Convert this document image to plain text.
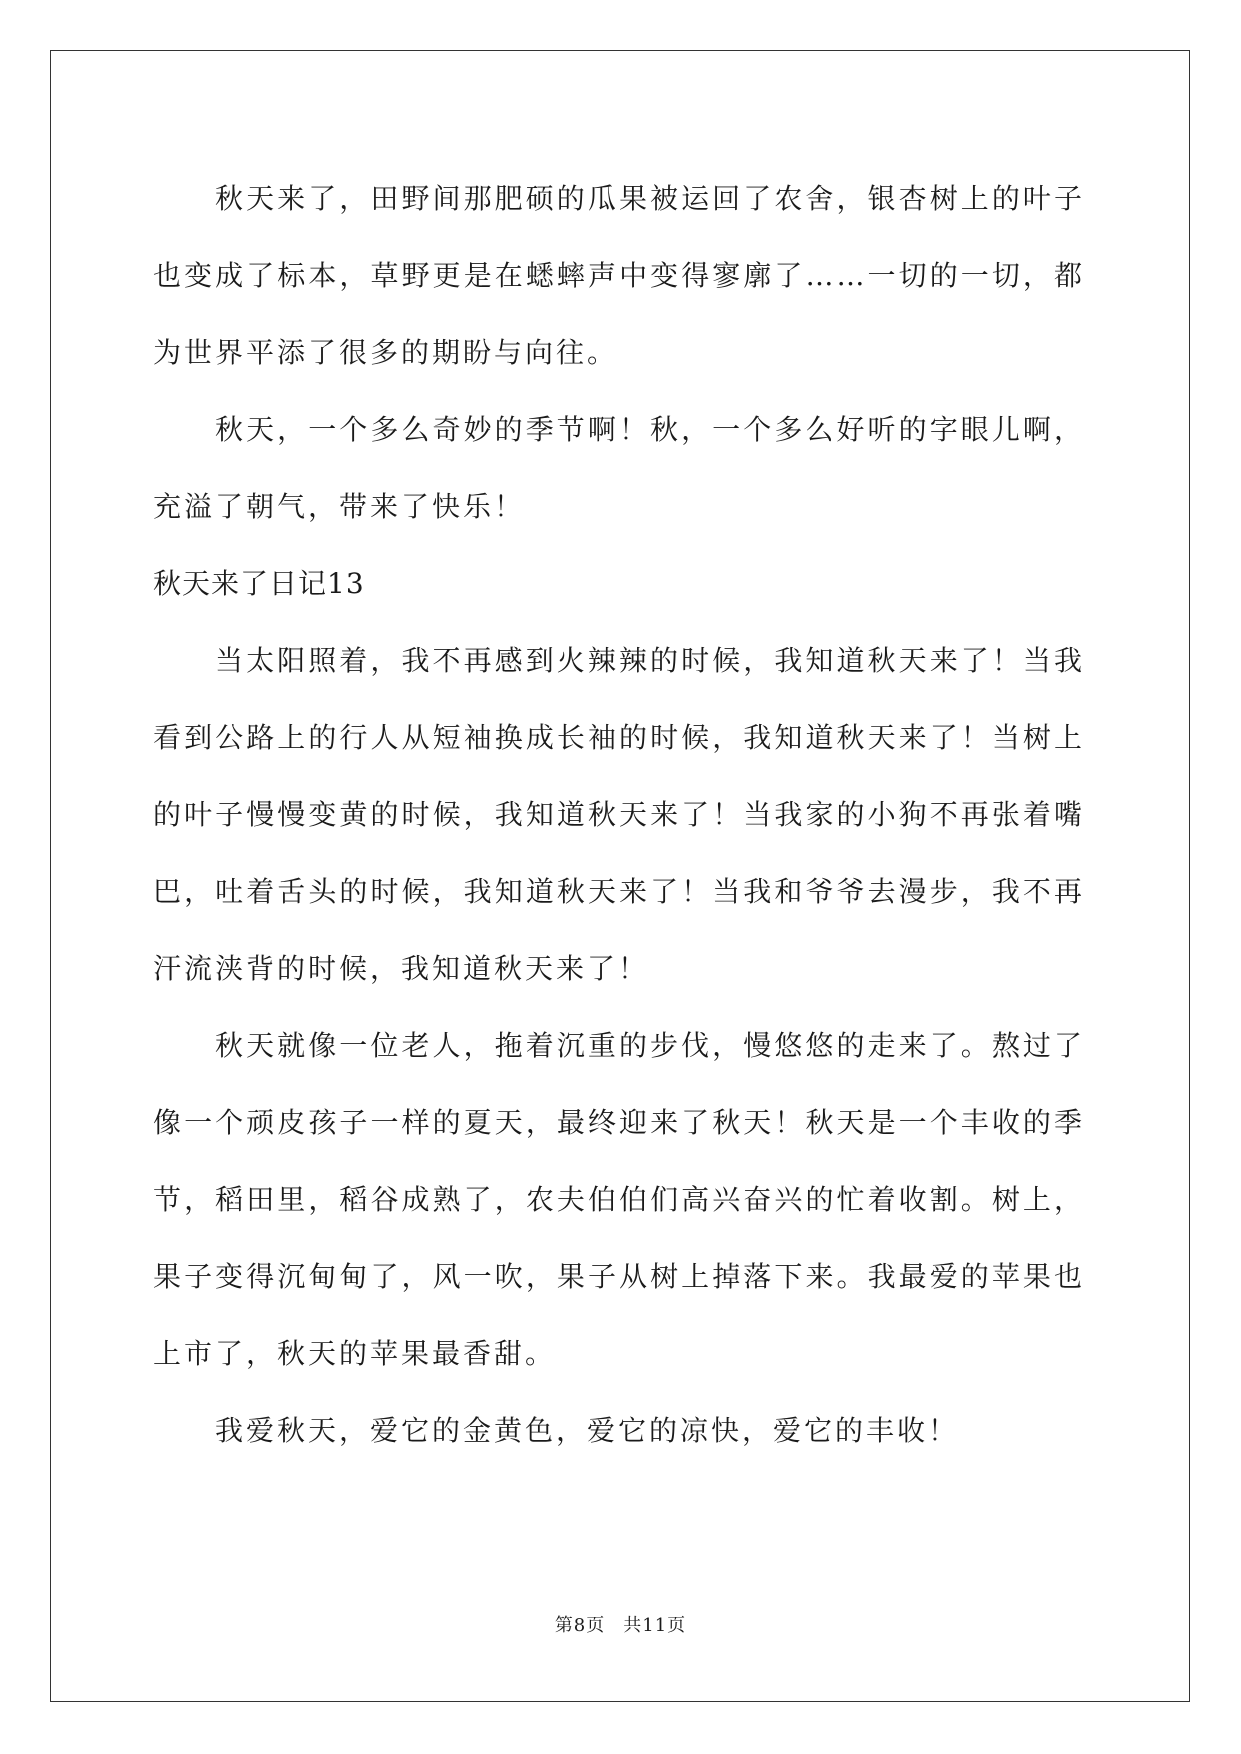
秋天来了，田野间那肥硕的瓜果被运回了农舍，银杏树上的叶子也变成了标本，草野更是在蟋蟀声中变得寥廓了……一切的一切，都为世界平添了很多的期盼与向往。

秋天，一个多么奇妙的季节啊！秋，一个多么好听的字眼儿啊，充溢了朝气，带来了快乐！

秋天来了日记13

当太阳照着，我不再感到火辣辣的时候，我知道秋天来了！当我看到公路上的行人从短袖换成长袖的时候，我知道秋天来了！当树上的叶子慢慢变黄的时候，我知道秋天来了！当我家的小狗不再张着嘴巴，吐着舌头的时候，我知道秋天来了！当我和爷爷去漫步，我不再汗流浃背的时候，我知道秋天来了！

秋天就像一位老人，拖着沉重的步伐，慢悠悠的走来了。熬过了像一个顽皮孩子一样的夏天，最终迎来了秋天！秋天是一个丰收的季节，稻田里，稻谷成熟了，农夫伯伯们高兴奋兴的忙着收割。树上，果子变得沉甸甸了，风一吹，果子从树上掉落下来。我最爱的苹果也上市了，秋天的苹果最香甜。

我爱秋天，爱它的金黄色，爱它的凉快，爱它的丰收！

第8页 共11页
